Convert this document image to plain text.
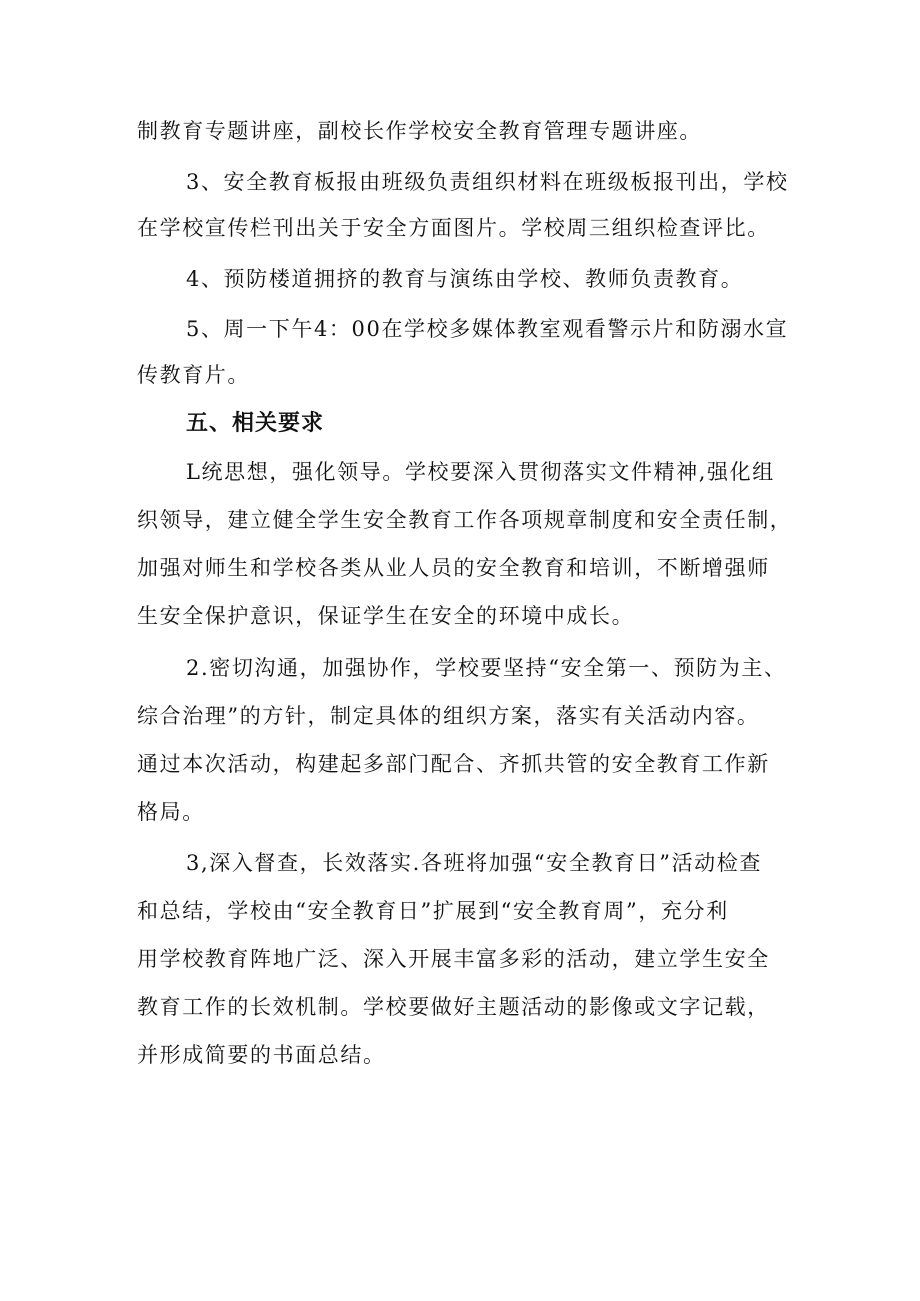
制教育专题讲座，副校长作学校安全教育管理专题讲座。
3、安全教育板报由班级负责组织材料在班级板报刊出，学校
在学校宣传栏刊出关于安全方面图片。学校周三组织检查评比。
4、预防楼道拥挤的教育与演练由学校、教师负责教育。
5、周一下午4：00在学校多媒体教室观看警示片和防溺水宣
传教育片。
五、相关要求
L统思想，强化领导。学校要深入贯彻落实文件精神,强化组
织领导，建立健全学生安全教育工作各项规章制度和安全责任制，
加强对师生和学校各类从业人员的安全教育和培训，不断增强师
生安全保护意识，保证学生在安全的环境中成长。
2.密切沟通，加强协作，学校要坚持“安全第一、预防为主、
综合治理”的方针，制定具体的组织方案，落实有关活动内容。
通过本次活动，构建起多部门配合、齐抓共管的安全教育工作新
格局。
3,深入督查，长效落实.各班将加强“安全教育日”活动检查
和总结，学校由“安全教育日”扩展到“安全教育周”，充分利
用学校教育阵地广泛、深入开展丰富多彩的活动，建立学生安全
教育工作的长效机制。学校要做好主题活动的影像或文字记载，
并形成简要的书面总结。
